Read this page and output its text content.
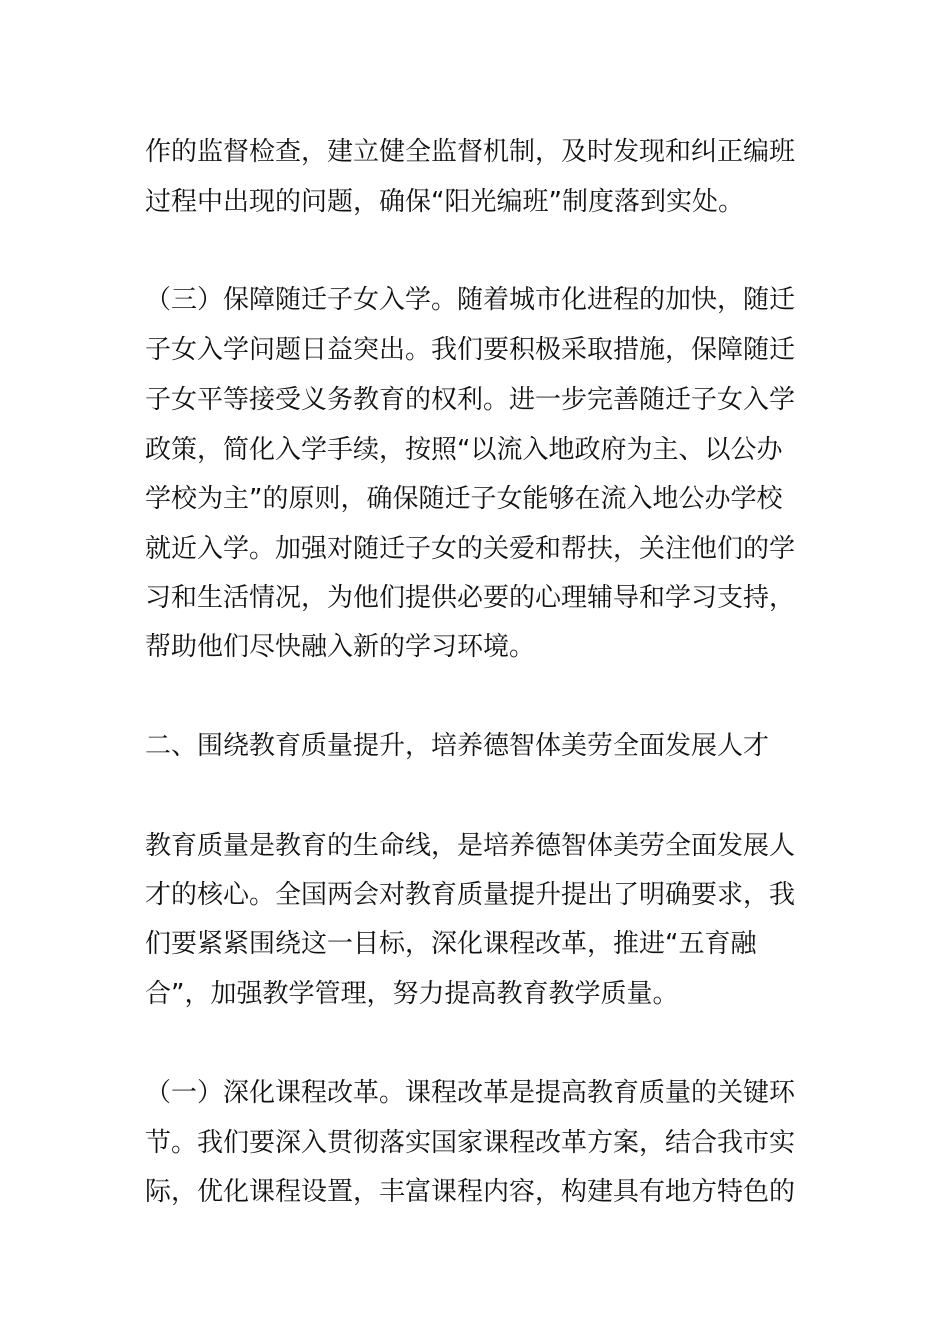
作的监督检查，建立健全监督机制，及时发现和纠正编班

过程中出现的问题，确保“阳光编班”制度落到实处。

（三）保障随迁子女入学。随着城市化进程的加快，随迁

子女入学问题日益突出。我们要积极采取措施，保障随迁

子女平等接受义务教育的权利。进一步完善随迁子女入学

政策，简化入学手续，按照“以流入地政府为主、以公办

学校为主”的原则，确保随迁子女能够在流入地公办学校

就近入学。加强对随迁子女的关爱和帮扶，关注他们的学

习和生活情况，为他们提供必要的心理辅导和学习支持，

帮助他们尽快融入新的学习环境。

二、围绕教育质量提升，培养德智体美劳全面发展人才

教育质量是教育的生命线，是培养德智体美劳全面发展人

才的核心。全国两会对教育质量提升提出了明确要求，我

们要紧紧围绕这一目标，深化课程改革，推进“五育融

合”，加强教学管理，努力提高教育教学质量。

（一）深化课程改革。课程改革是提高教育质量的关键环

节。我们要深入贯彻落实国家课程改革方案，结合我市实

际，优化课程设置，丰富课程内容，构建具有地方特色的
